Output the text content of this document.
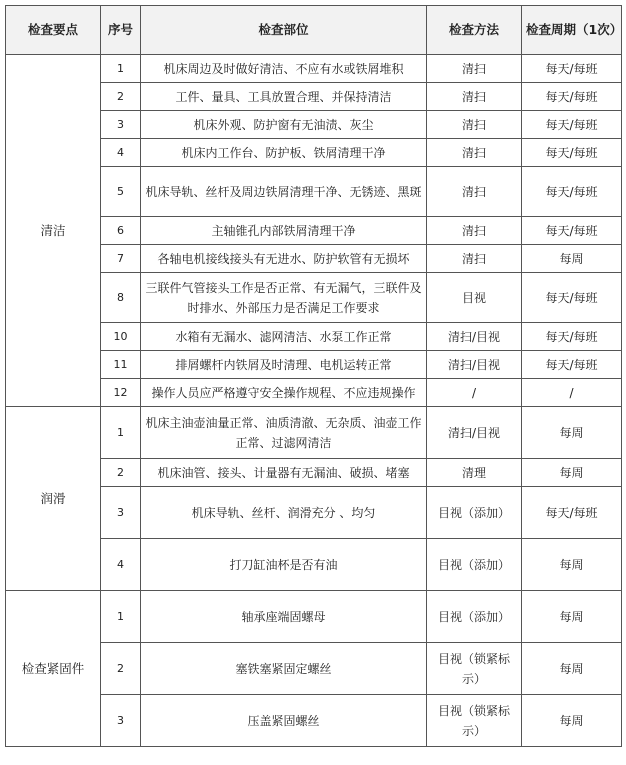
检查要点	序号	检查部位	检查方法	检查周期（1次）
清洁	1	机床周边及时做好清洁、不应有水或铁屑堆积	清扫	每天/每班
	2	工件、量具、工具放置合理、并保持清洁	清扫	每天/每班
	3	机床外观、防护窗有无油渍、灰尘	清扫	每天/每班
	4	机床内工作台、防护板、铁屑清理干净	清扫	每天/每班
	5	机床导轨、丝杆及周边铁屑清理干净、无锈迹、黑斑	清扫	每天/每班
	6	主轴锥孔内部铁屑清理干净	清扫	每天/每班
	7	各轴电机接线接头有无进水、防护软管有无损坏	清扫	每周
	8	三联件气管接头工作是否正常、有无漏气，三联件及时排水、外部压力是否满足工作要求	目视	每天/每班
	10	水箱有无漏水、滤网清洁、水泵工作正常	清扫/目视	每天/每班
	11	排屑螺杆内铁屑及时清理、电机运转正常	清扫/目视	每天/每班
	12	操作人员应严格遵守安全操作规程、不应违规操作	/	/
润滑	1	机床主油壶油量正常、油质清澈、无杂质、油壶工作正常、过滤网清洁	清扫/目视	每周
	2	机床油管、接头、计量器有无漏油、破损、堵塞	清理	每周
	3	机床导轨、丝杆、润滑充分 、均匀	目视（添加）	每天/每班
	4	打刀缸油杯是否有油	目视（添加）	每周
检查紧固件	1	轴承座端固螺母	目视（添加）	每周
	2	塞铁塞紧固定螺丝	目视（锁紧标示）	每周
	3	压盖紧固螺丝	目视（锁紧标示）	每周
